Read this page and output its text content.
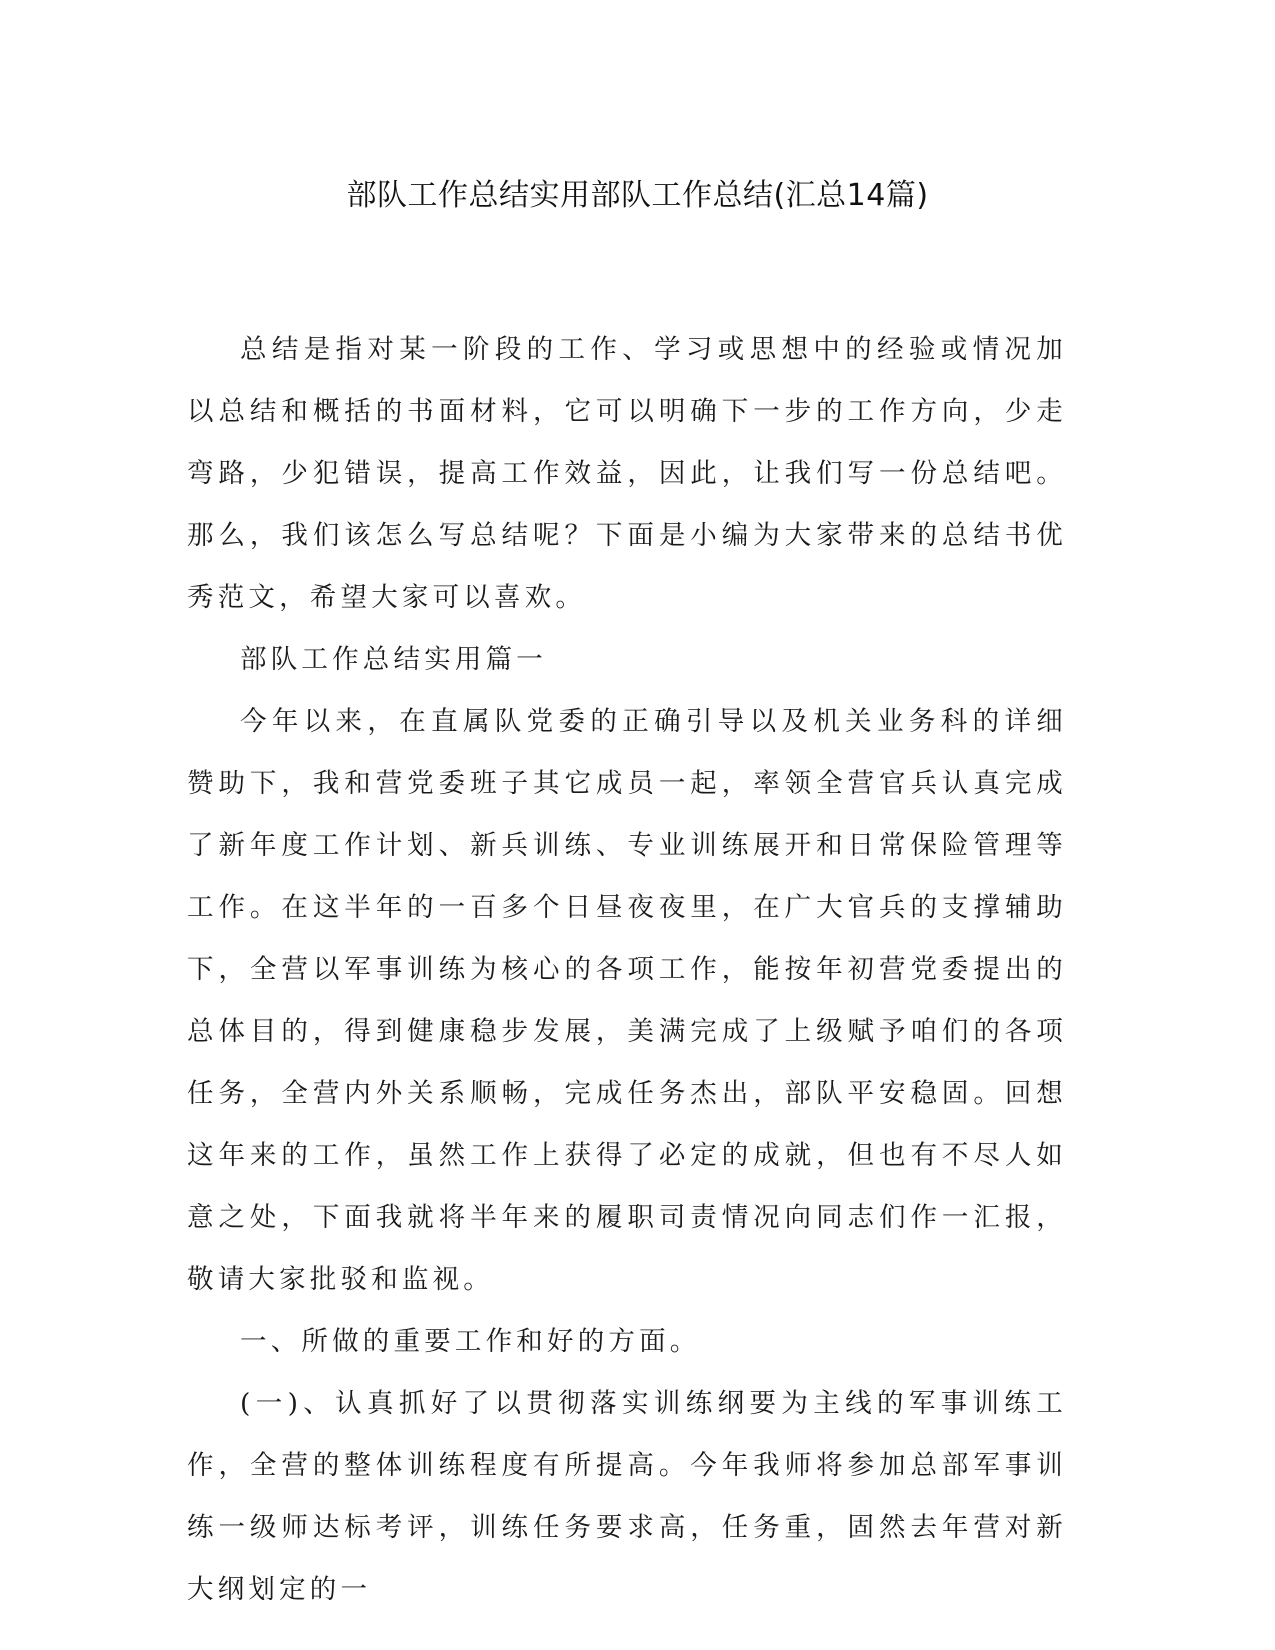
部队工作总结实用部队工作总结(汇总14篇)

总结是指对某一阶段的工作、学习或思想中的经验或情况加以总结和概括的书面材料，它可以明确下一步的工作方向，少走弯路，少犯错误，提高工作效益，因此，让我们写一份总结吧。那么，我们该怎么写总结呢？下面是小编为大家带来的总结书优秀范文，希望大家可以喜欢。

部队工作总结实用篇一

今年以来，在直属队党委的正确引导以及机关业务科的详细赞助下，我和营党委班子其它成员一起，率领全营官兵认真完成了新年度工作计划、新兵训练、专业训练展开和日常保险管理等工作。在这半年的一百多个日昼夜夜里，在广大官兵的支撑辅助下，全营以军事训练为核心的各项工作，能按年初营党委提出的总体目的，得到健康稳步发展，美满完成了上级赋予咱们的各项任务，全营内外关系顺畅，完成任务杰出，部队平安稳固。回想这年来的工作，虽然工作上获得了必定的成就，但也有不尽人如意之处，下面我就将半年来的履职司责情况向同志们作一汇报，敬请大家批驳和监视。

一、所做的重要工作和好的方面。

(一)、认真抓好了以贯彻落实训练纲要为主线的军事训练工作，全营的整体训练程度有所提高。今年我师将参加总部军事训练一级师达标考评，训练任务要求高，任务重，固然去年营对新大纲划定的一
